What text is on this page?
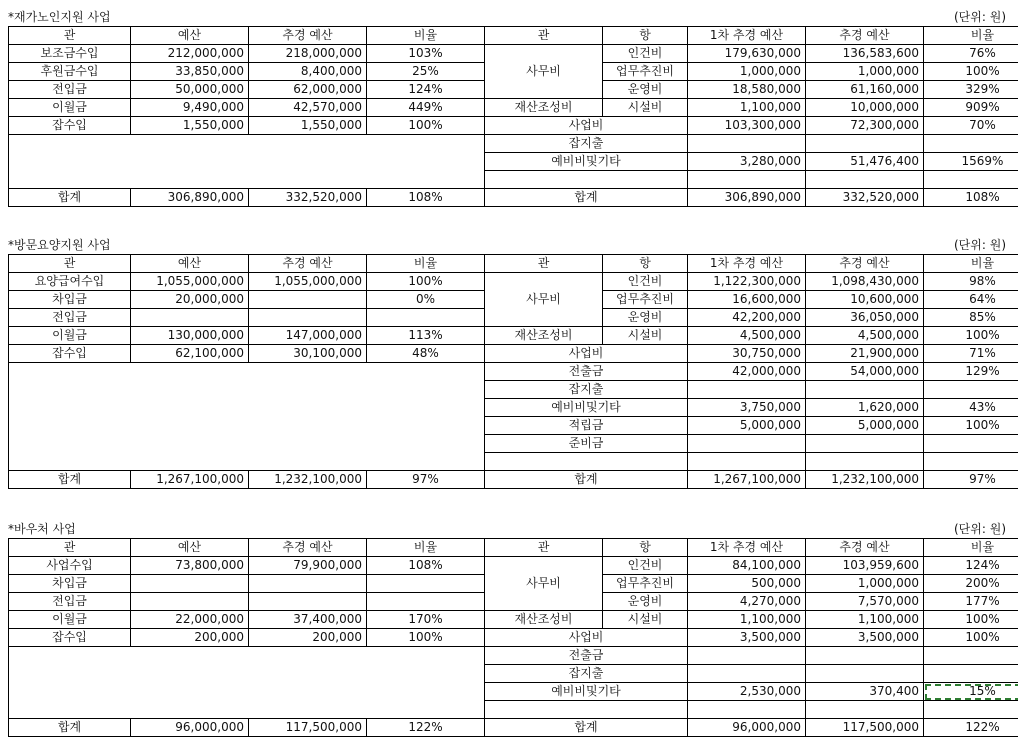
*재가노인지원 사업	(단위: 원)
관	예산	추경 예산	비율	관	항	1차 추경 예산	추경 예산	비율
보조금수입	212,000,000	218,000,000	103%	사무비	인건비	179,630,000	136,583,600	76%
후원금수입	33,850,000	8,400,000	25%		업무추진비	1,000,000	1,000,000	100%
전입금	50,000,000	62,000,000	124%		운영비	18,580,000	61,160,000	329%
이월금	9,490,000	42,570,000	449%	재산조성비	시설비	1,100,000	10,000,000	909%
잡수입	1,550,000	1,550,000	100%	사업비		103,300,000	72,300,000	70%
				잡지출				
				예비비및기타		3,280,000	51,476,400	1569%

합계	306,890,000	332,520,000	108%	합계		306,890,000	332,520,000	108%
*방문요양지원 사업	(단위: 원)
관	예산	추경 예산	비율	관	항	1차 추경 예산	추경 예산	비율
요양급여수입	1,055,000,000	1,055,000,000	100%	사무비	인건비	1,122,300,000	1,098,430,000	98%
차입금	20,000,000		0%		업무추진비	16,600,000	10,600,000	64%
전입금					운영비	42,200,000	36,050,000	85%
이월금	130,000,000	147,000,000	113%	재산조성비	시설비	4,500,000	4,500,000	100%
잡수입	62,100,000	30,100,000	48%	사업비		30,750,000	21,900,000	71%
				전출금		42,000,000	54,000,000	129%
				잡지출				
				예비비및기타		3,750,000	1,620,000	43%
				적립금		5,000,000	5,000,000	100%
				준비금				

합계	1,267,100,000	1,232,100,000	97%	합계		1,267,100,000	1,232,100,000	97%
*바우처 사업	(단위: 원)
관	예산	추경 예산	비율	관	항	1차 추경 예산	추경 예산	비율
사업수입	73,800,000	79,900,000	108%	사무비	인건비	84,100,000	103,959,600	124%
차입금					업무추진비	500,000	1,000,000	200%
전입금					운영비	4,270,000	7,570,000	177%
이월금	22,000,000	37,400,000	170%	재산조성비	시설비	1,100,000	1,100,000	100%
잡수입	200,000	200,000	100%	사업비		3,500,000	3,500,000	100%
				전출금				
				잡지출				
				예비비및기타		2,530,000	370,400	15%

합계	96,000,000	117,500,000	122%	합계		96,000,000	117,500,000	122%
